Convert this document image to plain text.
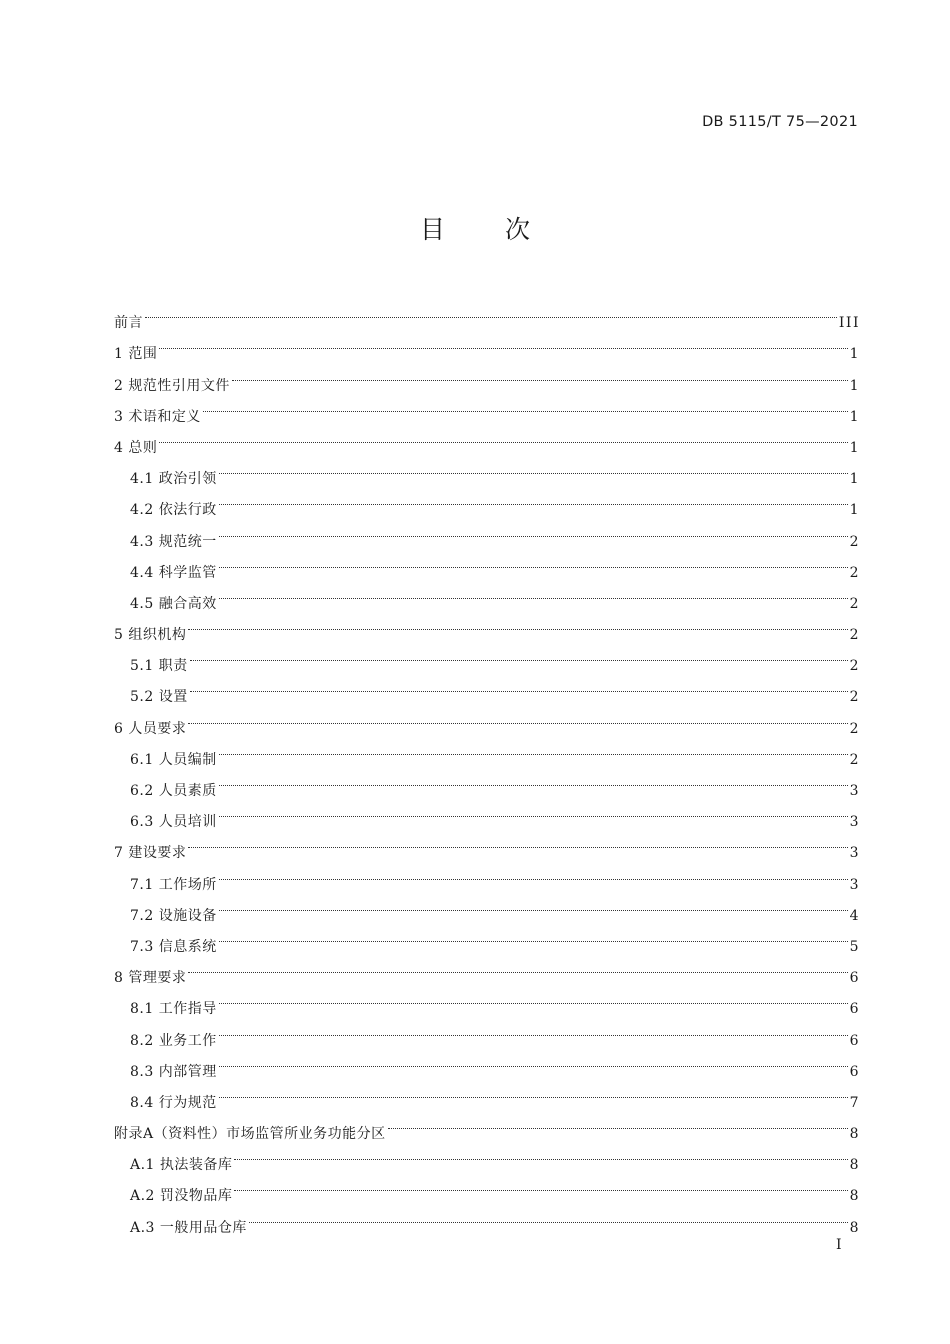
DB 5115/T 75—2021
目 次
前言	III
1 范围	1
2 规范性引用文件	1
3 术语和定义	1
4 总则	1
4.1 政治引领	1
4.2 依法行政	1
4.3 规范统一	2
4.4 科学监管	2
4.5 融合高效	2
5 组织机构	2
5.1 职责	2
5.2 设置	2
6 人员要求	2
6.1 人员编制	2
6.2 人员素质	3
6.3 人员培训	3
7 建设要求	3
7.1 工作场所	3
7.2 设施设备	4
7.3 信息系统	5
8 管理要求	6
8.1 工作指导	6
8.2 业务工作	6
8.3 内部管理	6
8.4 行为规范	7
附录A（资料性）市场监管所业务功能分区	8
A.1 执法装备库	8
A.2 罚没物品库	8
A.3 一般用品仓库	8
I
